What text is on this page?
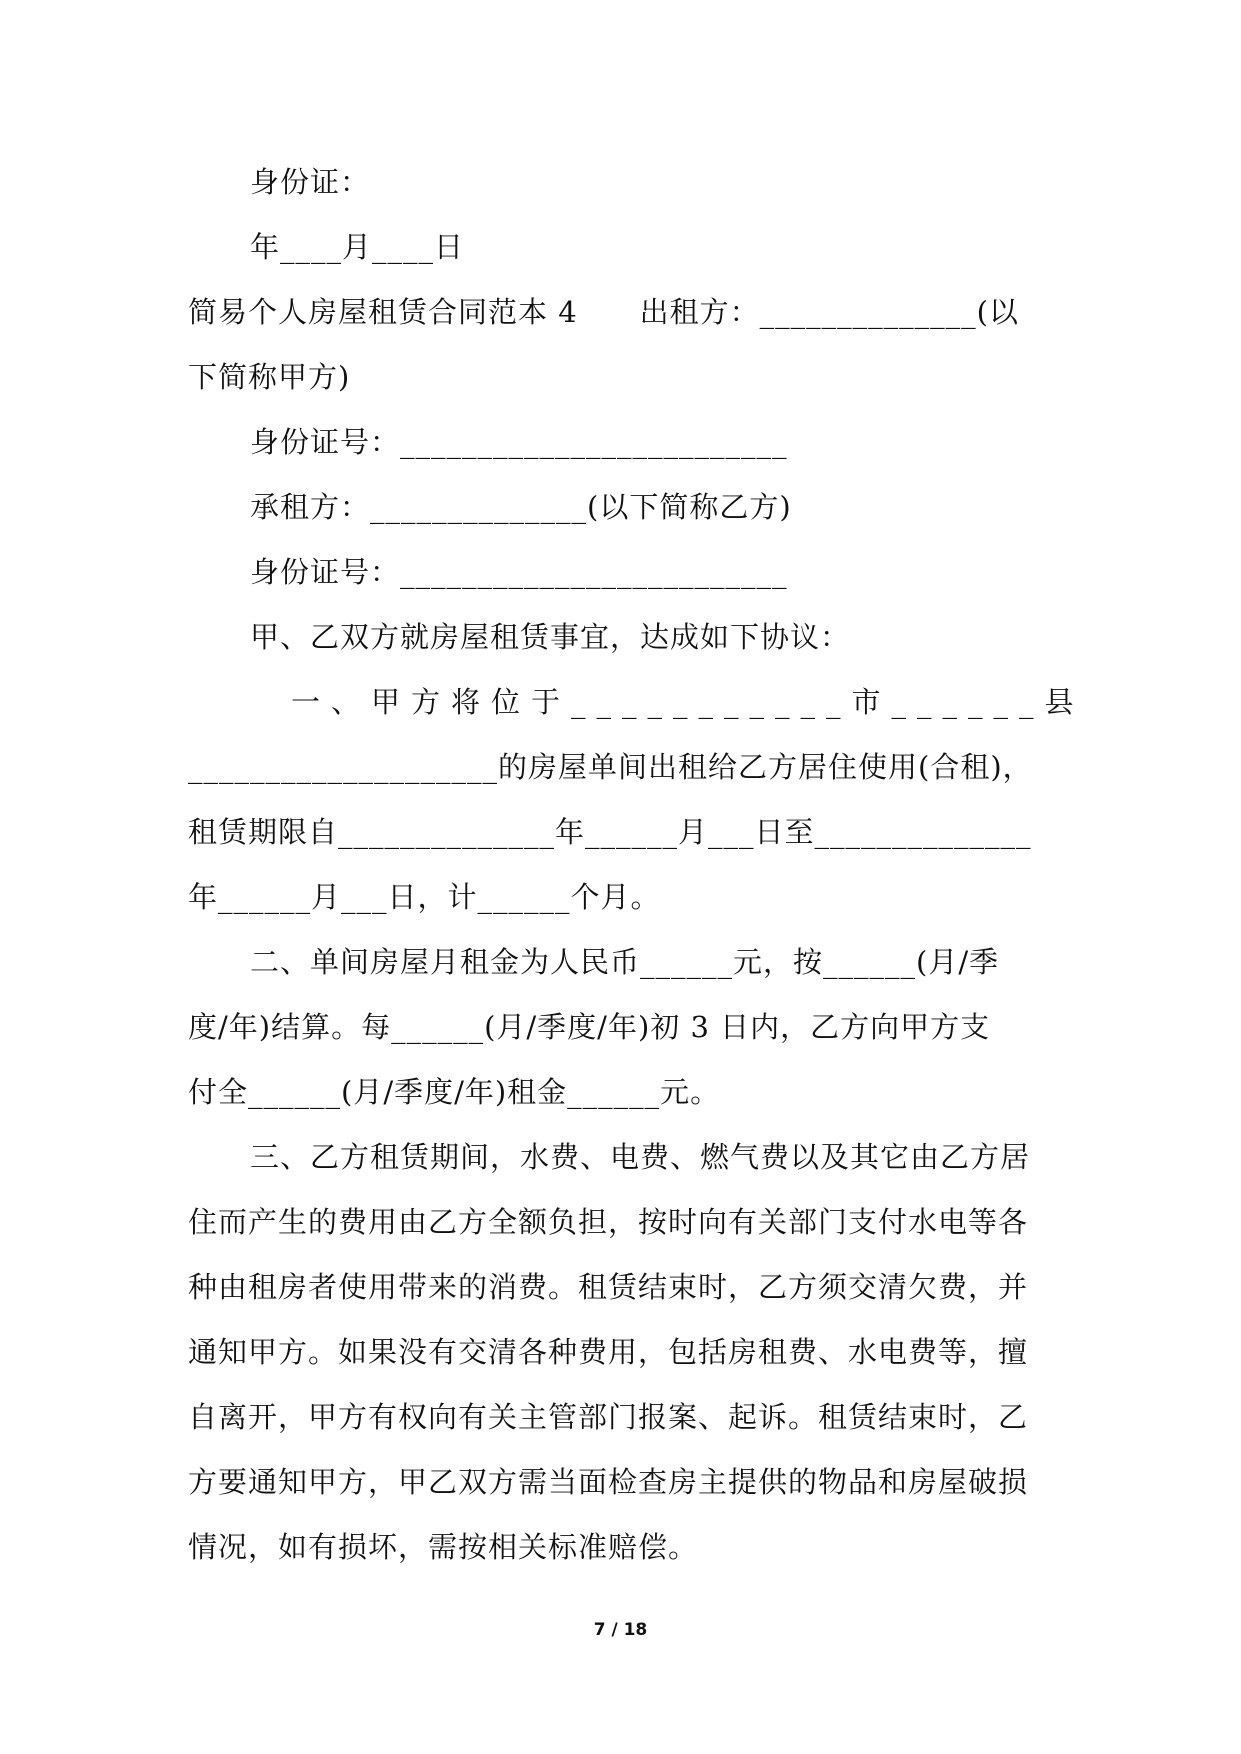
身份证：
年____月____日
简易个人房屋租赁合同范本 4 出租方：______________(以
下简称甲方)
身份证号：_________________________
承租方：______________(以下简称乙方)
身份证号：_________________________
甲、乙双方就房屋租赁事宜，达成如下协议：
一、甲方将位于___________市______县
____________________的房屋单间出租给乙方居住使用(合租)，
租赁期限自______________年______月___日至______________
年______月___日，计______个月。
二、单间房屋月租金为人民币______元，按______(月/季
度/年)结算。每______(月/季度/年)初 3 日内，乙方向甲方支
付全______(月/季度/年)租金______元。
三、乙方租赁期间，水费、电费、燃气费以及其它由乙方居
住而产生的费用由乙方全额负担，按时向有关部门支付水电等各
种由租房者使用带来的消费。租赁结束时，乙方须交清欠费，并
通知甲方。如果没有交清各种费用，包括房租费、水电费等，擅
自离开，甲方有权向有关主管部门报案、起诉。租赁结束时，乙
方要通知甲方，甲乙双方需当面检查房主提供的物品和房屋破损
情况，如有损坏，需按相关标准赔偿。
7 / 18
